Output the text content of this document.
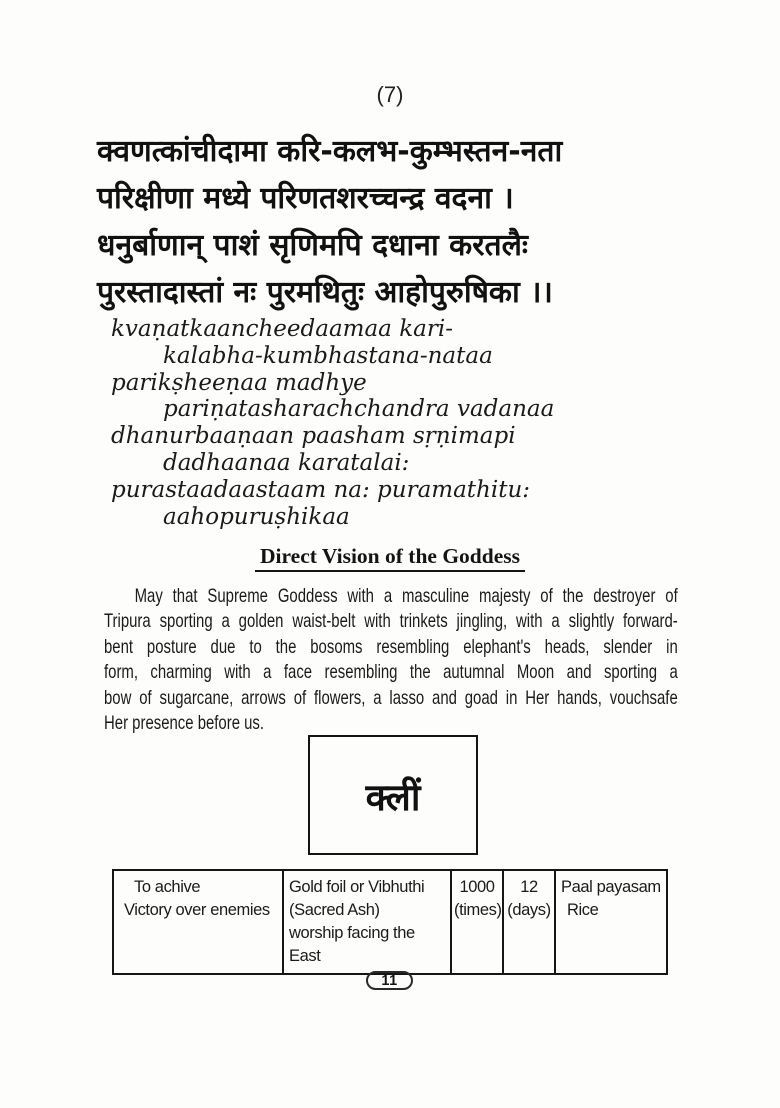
(7)
क्वणत्कांचीदामा करि-कलभ-कुम्भस्तन-नता
परिक्षीणा मध्ये परिणतशरच्चन्द्र वदना ।
धनुर्बाणान् पाशं सृणिमपि दधाना करतलैः
पुरस्तादास्तां नः पुरमथितुः आहोपुरुषिका ।।
kvaṇatkaancheedaamaa kari-
kalabha-kumbhastana-nataa
parikṣheeṇaa madhye
pariṇatasharachchandra vadanaa
dhanurbaaṇaan paasham sṛṇimapi
dadhaanaa karatalai:
purastaadaastaam na: puramathitu:
aahopuruṣhikaa
Direct Vision of the Goddess
May that Supreme Goddess with a masculine majesty of the destroyer of
Tripura sporting a golden waist-belt with trinkets jingling, with a slightly forward-
bent posture due to the bosoms resembling elephant's heads, slender in
form, charming with a face resembling the autumnal Moon and sporting a
bow of sugarcane, arrows of flowers, a lasso and goad in Her hands, vouchsafe
Her presence before us.
क्लीं
To achive
Victory over enemies
Gold foil or Vibhuthi
(Sacred Ash)
worship facing the East
1000
(times)
12
(days)
Paal payasam
Rice
11
